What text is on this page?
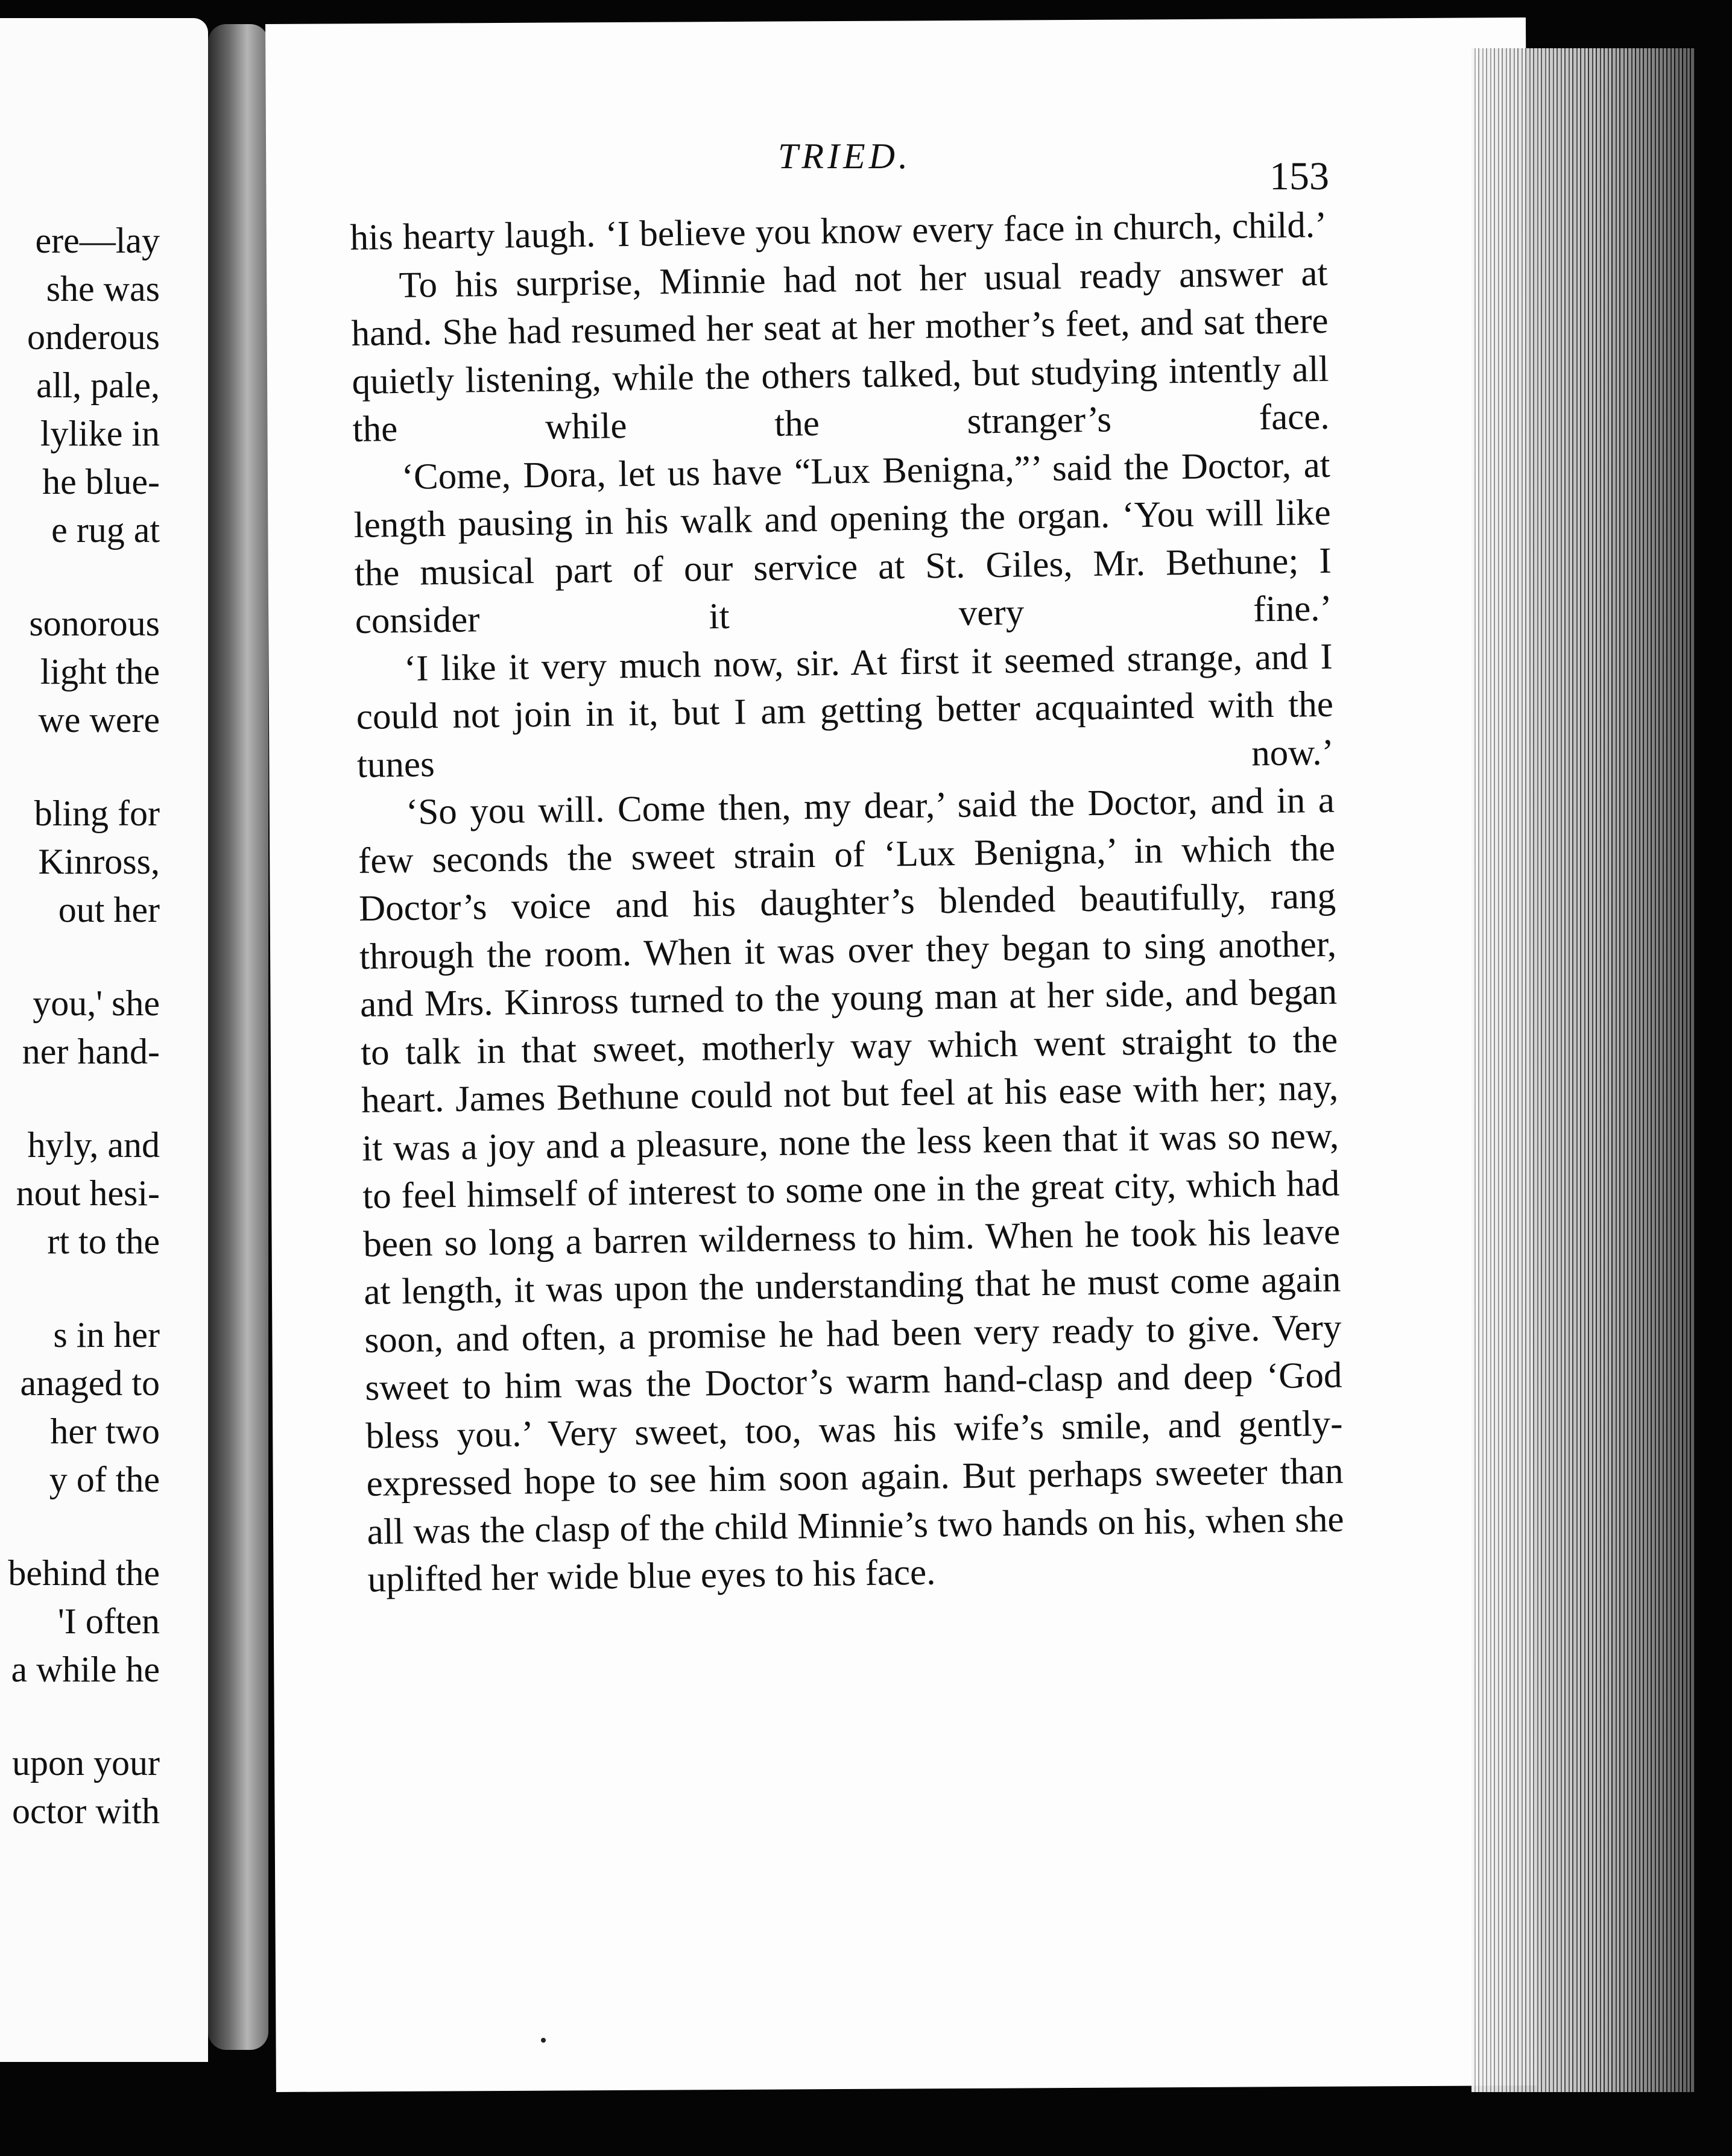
ere—lay
she was
onderous
all, pale,
lylike in
he blue-
e rug at
sonorous
light the
we were
bling for
Kinross,
out her
you,' she
ner hand-
hyly, and
nout hesi-
rt to the
s in her
anaged to
her two
y of the
behind the
'I often
a while he
upon your
octor with
TRIED.	153

his hearty laugh. ‘I believe you know every face in church, child.’

To his surprise, Minnie had not her usual ready answer at hand. She had resumed her seat at her mother’s feet, and sat there quietly listening, while the others talked, but studying intently all the while the stranger’s face.

‘Come, Dora, let us have “Lux Benigna,”’ said the Doctor, at length pausing in his walk and opening the organ. ‘You will like the musical part of our service at St. Giles, Mr. Bethune; I consider it very fine.’

‘I like it very much now, sir. At first it seemed strange, and I could not join in it, but I am getting better acquainted with the tunes now.’

‘So you will. Come then, my dear,’ said the Doctor, and in a few seconds the sweet strain of ‘Lux Benigna,’ in which the Doctor’s voice and his daughter’s blended beautifully, rang through the room. When it was over they began to sing another, and Mrs. Kinross turned to the young man at her side, and began to talk in that sweet, motherly way which went straight to the heart. James Bethune could not but feel at his ease with her; nay, it was a joy and a pleasure, none the less keen that it was so new, to feel himself of interest to some one in the great city, which had been so long a barren wilderness to him. When he took his leave at length, it was upon the understanding that he must come again soon, and often, a promise he had been very ready to give. Very sweet to him was the Doctor’s warm hand-clasp and deep ‘God bless you.’ Very sweet, too, was his wife’s smile, and gently-expressed hope to see him soon again. But perhaps sweeter than all was the clasp of the child Minnie’s two hands on his, when she uplifted her wide blue eyes to his face.
